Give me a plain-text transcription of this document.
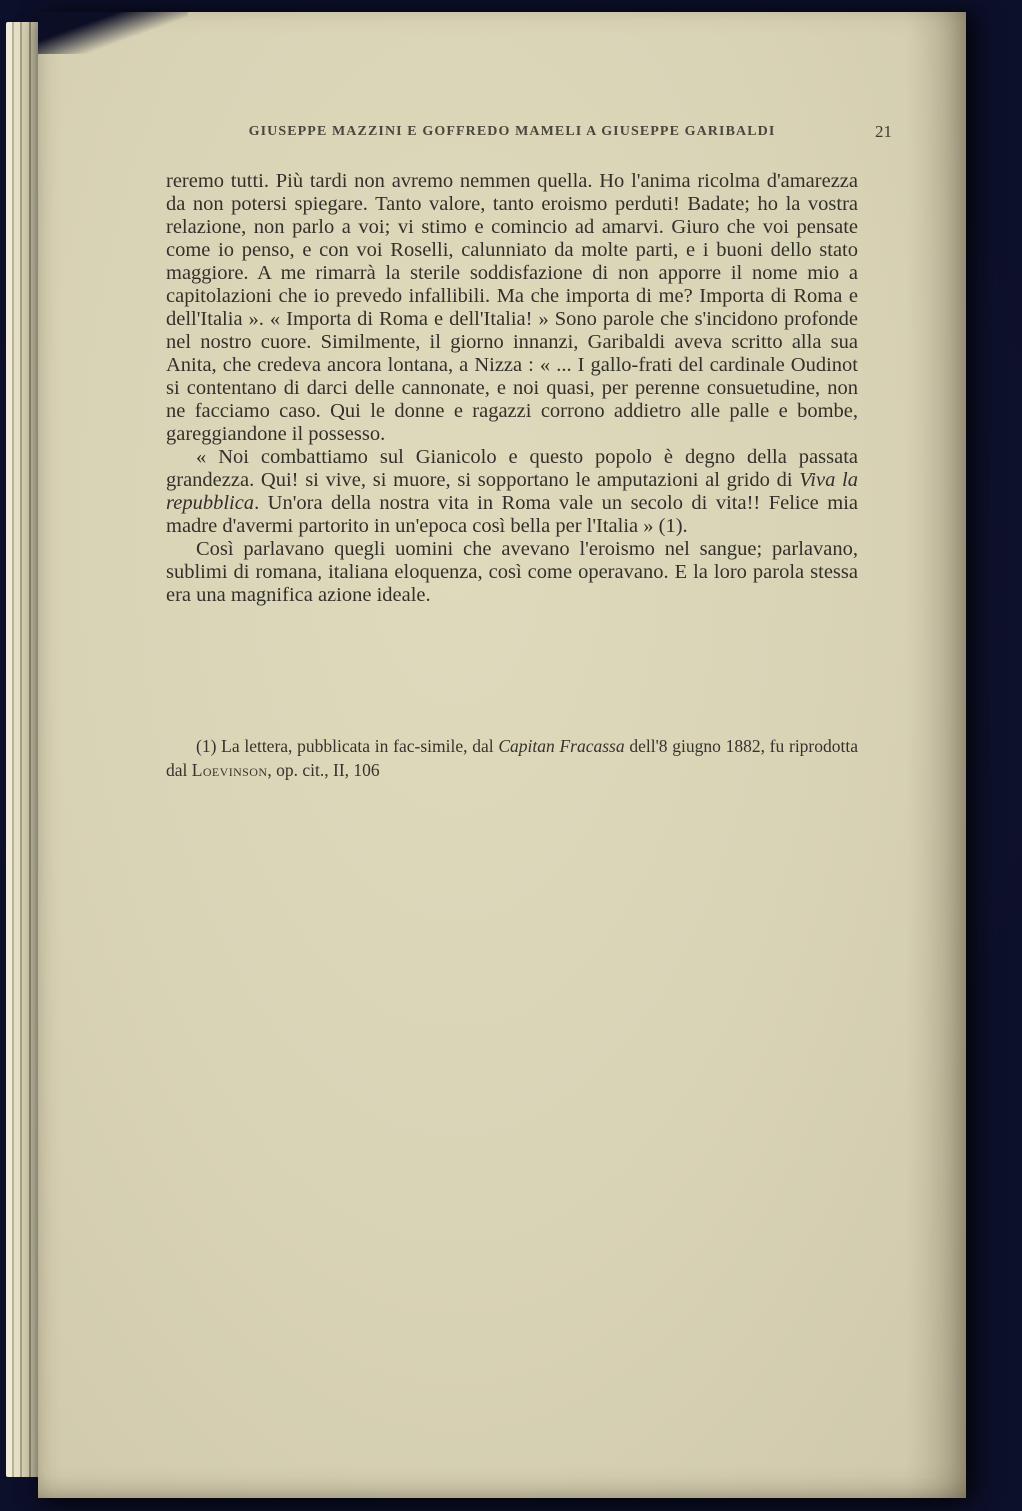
GIUSEPPE MAZZINI E GOFFREDO MAMELI A GIUSEPPE GARIBALDI	21

reremo tutti. Più tardi non avremo nemmen quella. Ho l'anima ricolma d'amarezza da non potersi spiegare. Tanto valore, tanto eroismo perduti! Badate; ho la vostra relazione, non parlo a voi; vi stimo e comincio ad amarvi. Giuro che voi pensate come io penso, e con voi Roselli, calunniato da molte parti, e i buoni dello stato maggiore. A me rimarrà la sterile soddisfazione di non apporre il nome mio a capitolazioni che io prevedo infallibili. Ma che importa di me? Importa di Roma e dell'Italia ». « Importa di Roma e dell'Italia! » Sono parole che s'incidono profonde nel nostro cuore. Similmente, il giorno innanzi, Garibaldi aveva scritto alla sua Anita, che credeva ancora lontana, a Nizza : « ... I gallo-frati del cardinale Oudinot si contentano di darci delle cannonate, e noi quasi, per perenne consuetudine, non ne facciamo caso. Qui le donne e ragazzi corrono addietro alle palle e bombe, gareggiandone il possesso.

« Noi combattiamo sul Gianicolo e questo popolo è degno della passata grandezza. Qui! si vive, si muore, si sopportano le amputazioni al grido di Viva la repubblica. Un'ora della nostra vita in Roma vale un secolo di vita!! Felice mia madre d'avermi partorito in un'epoca così bella per l'Italia » (1).

Così parlavano quegli uomini che avevano l'eroismo nel sangue; parlavano, sublimi di romana, italiana eloquenza, così come operavano. E la loro parola stessa era una magnifica azione ideale.

(1) La lettera, pubblicata in fac-simile, dal Capitan Fracassa dell'8 giugno 1882, fu riprodotta dal Loevinson, op. cit., II, 106
